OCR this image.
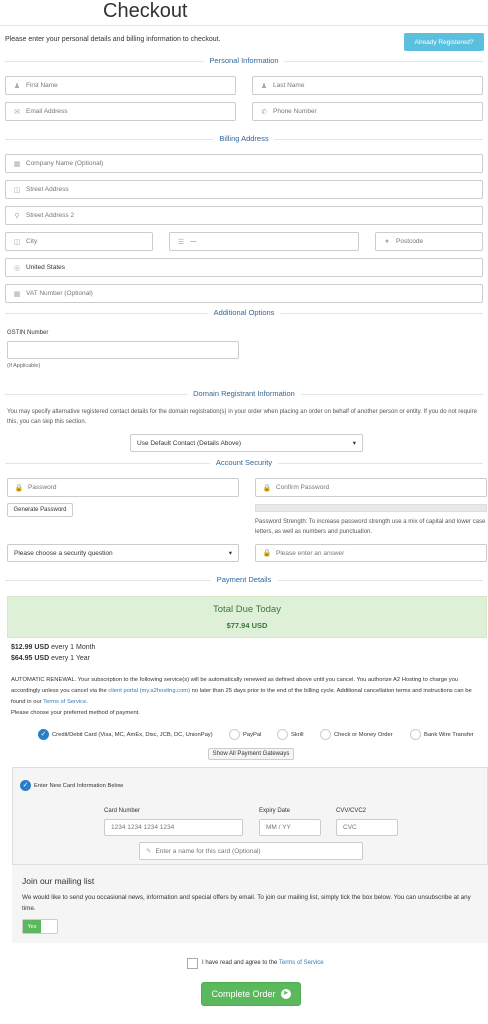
Checkout
Please enter your personal details and billing information to checkout.	Already Registered?
Personal Information
♟ First Name	♟ Last Name
✉ Email Address	✆ Phone Number
Billing Address
▦ Company Name (Optional)
◫ Street Address
⚲ Street Address 2
◫ City	☰ —	●	Postcode
◎ United States
▦ VAT Number (Optional)
Additional Options
GSTIN Number
(If Applicable)
Domain Registrant Information
You may specify alternative registered contact details for the domain registration(s) in your order when placing an order on behalf of another person or entity. If you do not require this, you can skip this section.
Use Default Contact (Details Above)	▾
Account Security
🔒 Password	🔒 Confirm Password
Generate Password
Password Strength: To increase password strength use a mix of capital and lower case letters, as well as numbers and punctuation.
Please choose a security question	▾	🔒 Please enter an answer
Payment Details
Total Due Today
$77.94 USD
$12.99 USD every 1 Month
$64.95 USD every 1 Year
AUTOMATIC RENEWAL. Your subscription to the following service(s) will be automatically renewed as defined above until you cancel. You authorize A2 Hosting to charge you accordingly unless you cancel via the client portal (my.a2hosting.com) no later than 25 days prior to the end of the billing cycle. Additional cancellation terms and instructions can be found in our Terms of Service.
Please choose your preferred method of payment.
✓ Credit/Debit Card (Visa, MC, AmEx, Disc, JCB, DC, UnionPay)	PayPal	Skrill	Check or Money Order	Bank Wire Transfer
Show All Payment Gateways
✓ Enter New Card Information Below
Card Number
1234 1234 1234 1234
Expiry Date
MM / YY
CVV/CVC2
CVC
✎ Enter a name for this card (Optional)
Join our mailing list
We would like to send you occasional news, information and special offers by email. To join our mailing list, simply tick the box below. You can unsubscribe at any time.
Yes
I have read and agree to the Terms of Service
Complete Order ➤
